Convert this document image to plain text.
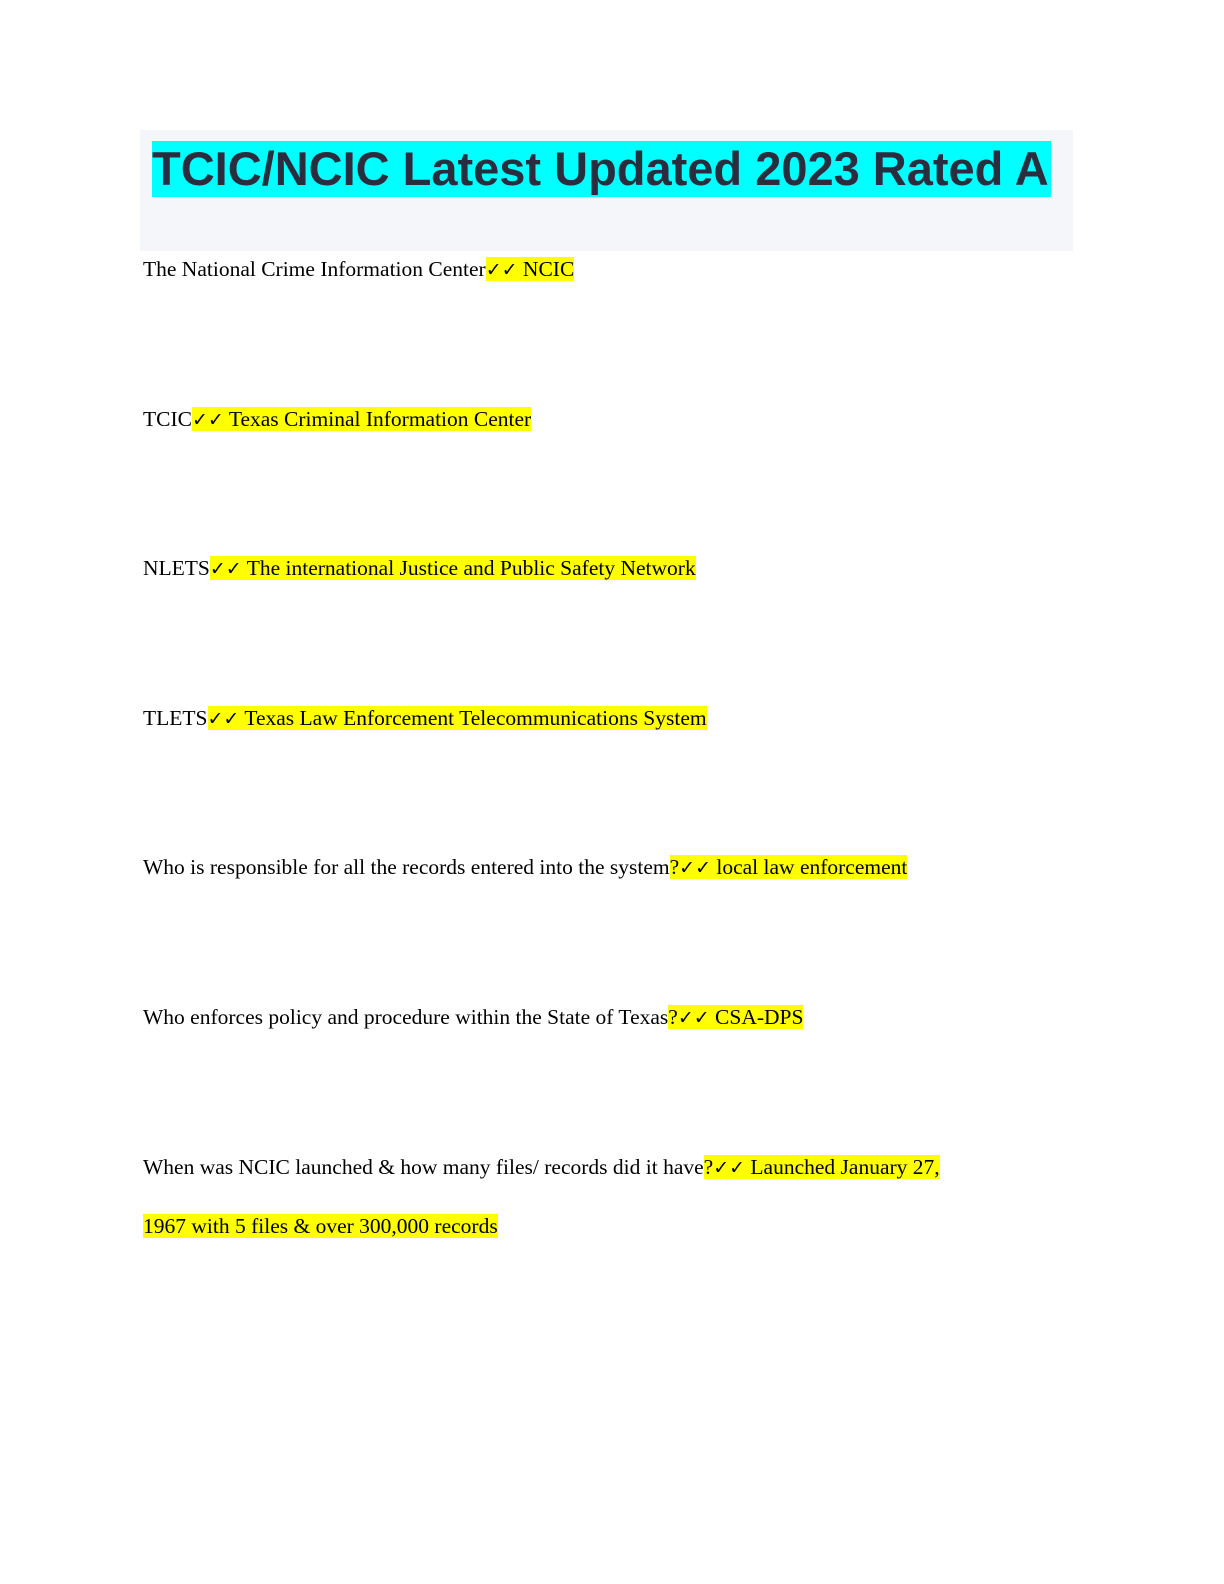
TCIC/NCIC Latest Updated 2023 Rated A

The National Crime Information Center✓✓ NCIC

TCIC✓✓ Texas Criminal Information Center

NLETS✓✓ The international Justice and Public Safety Network

TLETS✓✓ Texas Law Enforcement Telecommunications System

Who is responsible for all the records entered into the system?✓✓ local law enforcement

Who enforces policy and procedure within the State of Texas?✓✓ CSA-DPS

When was NCIC launched & how many files/ records did it have?✓✓ Launched January 27,

1967 with 5 files & over 300,000 records
